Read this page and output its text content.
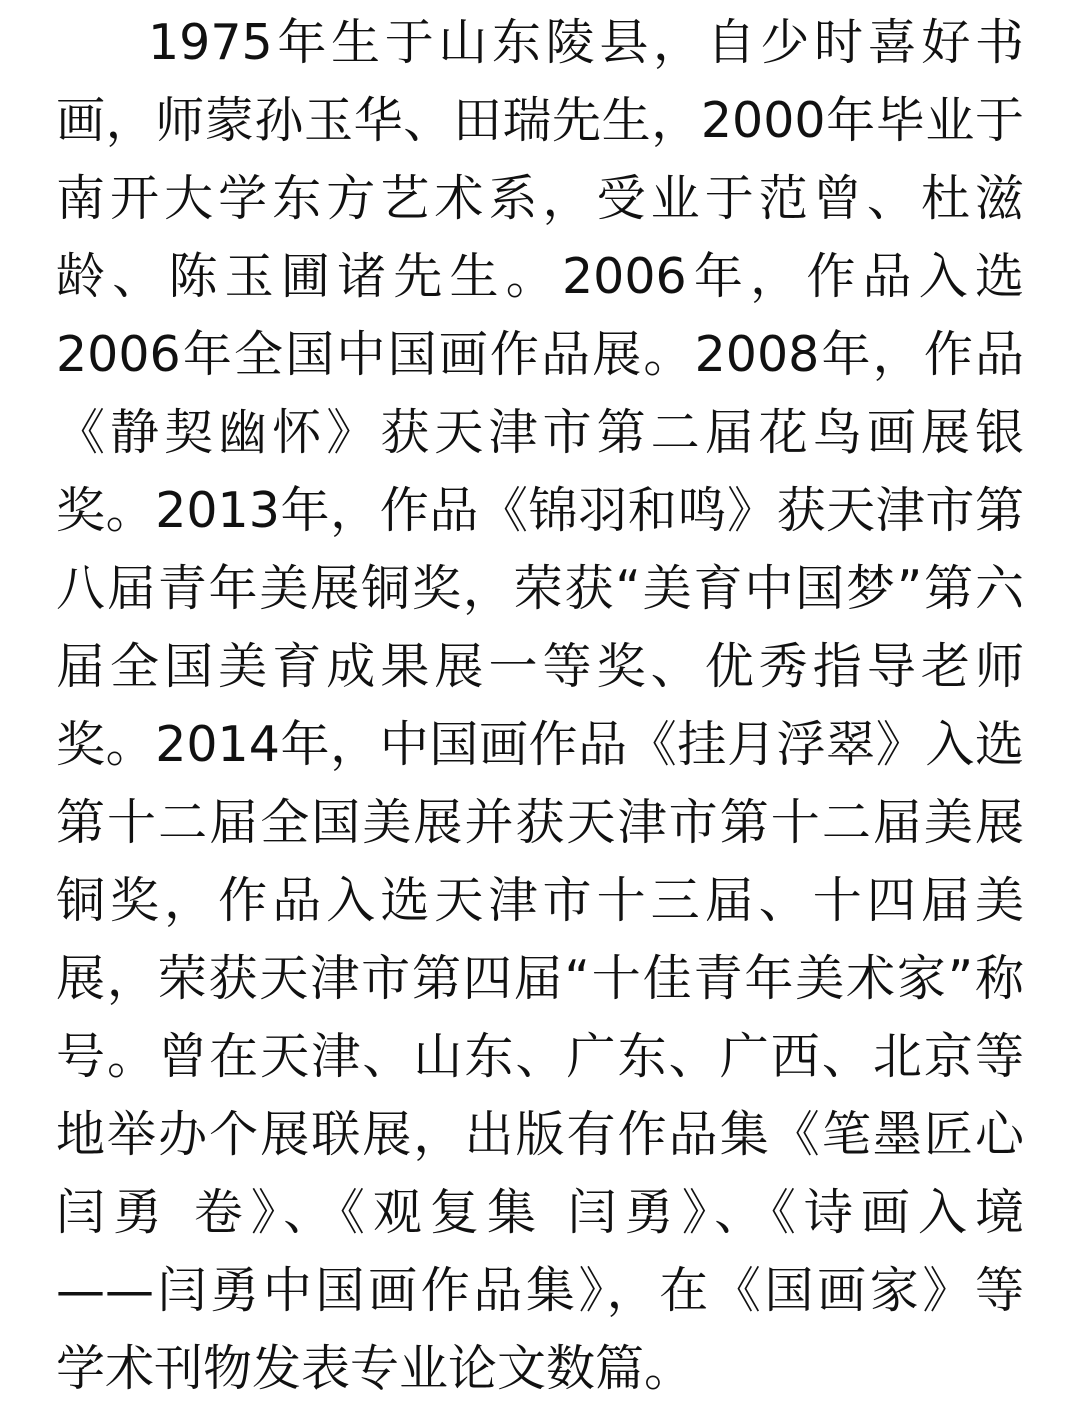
1975年生于山东陵县，自少时喜好书
画，师蒙孙玉华、田瑞先生，2000年毕业于
南开大学东方艺术系，受业于范曾、杜滋
龄、陈玉圃诸先生。2006年，作品入选
2006年全国中国画作品展。2008年，作品
《静契幽怀》获天津市第二届花鸟画展银
奖。2013年，作品《锦羽和鸣》获天津市第
八届青年美展铜奖，荣获“美育中国梦”第六
届全国美育成果展一等奖、优秀指导老师
奖。2014年，中国画作品《挂月浮翠》入选
第十二届全国美展并获天津市第十二届美展
铜奖，作品入选天津市十三届、十四届美
展，荣获天津市第四届“十佳青年美术家”称
号。曾在天津、山东、广东、广西、北京等
地举办个展联展，出版有作品集《笔墨匠心
闫勇 卷》、《观复集 闫勇》、《诗画入境
——闫勇中国画作品集》，在《国画家》等
学术刊物发表专业论文数篇。
